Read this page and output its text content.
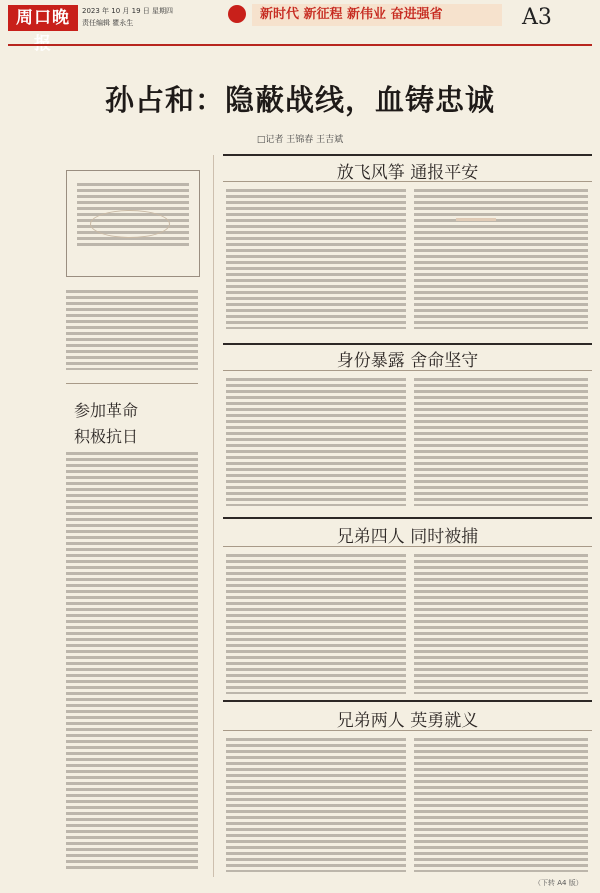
周口晚报
2023 年 10 月 19 日 星期四
责任编辑 瞿永生
新时代 新征程 新伟业 奋进强省	A3
孙占和：隐蔽战线，血铸忠诚
□记者 王锦春 王吉斌
参加革命
积极抗日
放飞风筝 通报平安
身份暴露 舍命坚守
兄弟四人 同时被捕
兄弟两人 英勇就义
（下转 A4 版）
